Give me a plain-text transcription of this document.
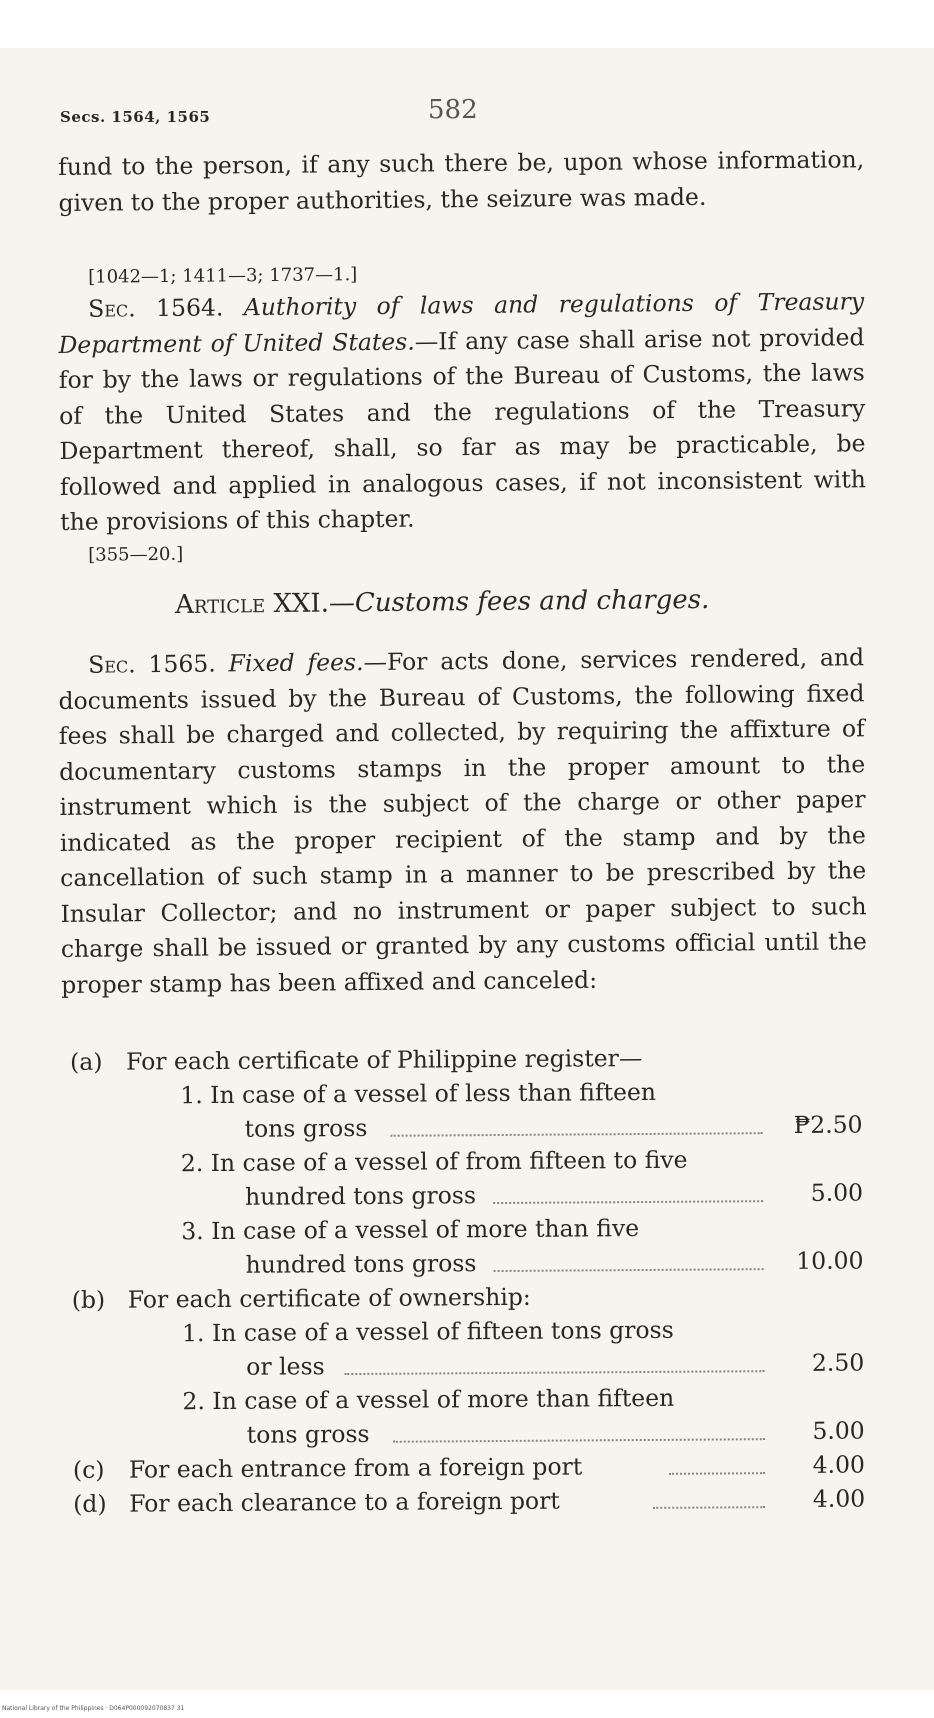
Secs. 1564, 1565	582

fund to the person, if any such there be, upon whose information, given to the proper authorities, the seizure was made.

[1042—1; 1411—3; 1737—1.]

Sec. 1564. Authority of laws and regulations of Treasury Department of United States.—If any case shall arise not provided for by the laws or regulations of the Bureau of Customs, the laws of the United States and the regulations of the Treasury Department thereof, shall, so far as may be practicable, be followed and applied in analogous cases, if not inconsistent with the provisions of this chapter.

[355—20.]

Article XXI.—Customs fees and charges.

Sec. 1565. Fixed fees.—For acts done, services rendered, and documents issued by the Bureau of Customs, the following fixed fees shall be charged and collected, by requiring the affixture of documentary customs stamps in the proper amount to the instrument which is the subject of the charge or other paper indicated as the proper recipient of the stamp and by the cancellation of such stamp in a manner to be prescribed by the Insular Collector; and no instrument or paper subject to such charge shall be issued or granted by any customs official until the proper stamp has been affixed and canceled:

(a) For each certificate of Philippine register—
1. In case of a vessel of less than fifteen
tons gross	₱2.50
2. In case of a vessel of from fifteen to five
hundred tons gross	5.00
3. In case of a vessel of more than five
hundred tons gross	10.00
(b) For each certificate of ownership:
1. In case of a vessel of fifteen tons gross
or less	2.50
2. In case of a vessel of more than fifteen
tons gross	5.00
(c) For each entrance from a foreign port	4.00
(d) For each clearance to a foreign port	4.00
National Library of the Philippines · D064P000092070837 31
